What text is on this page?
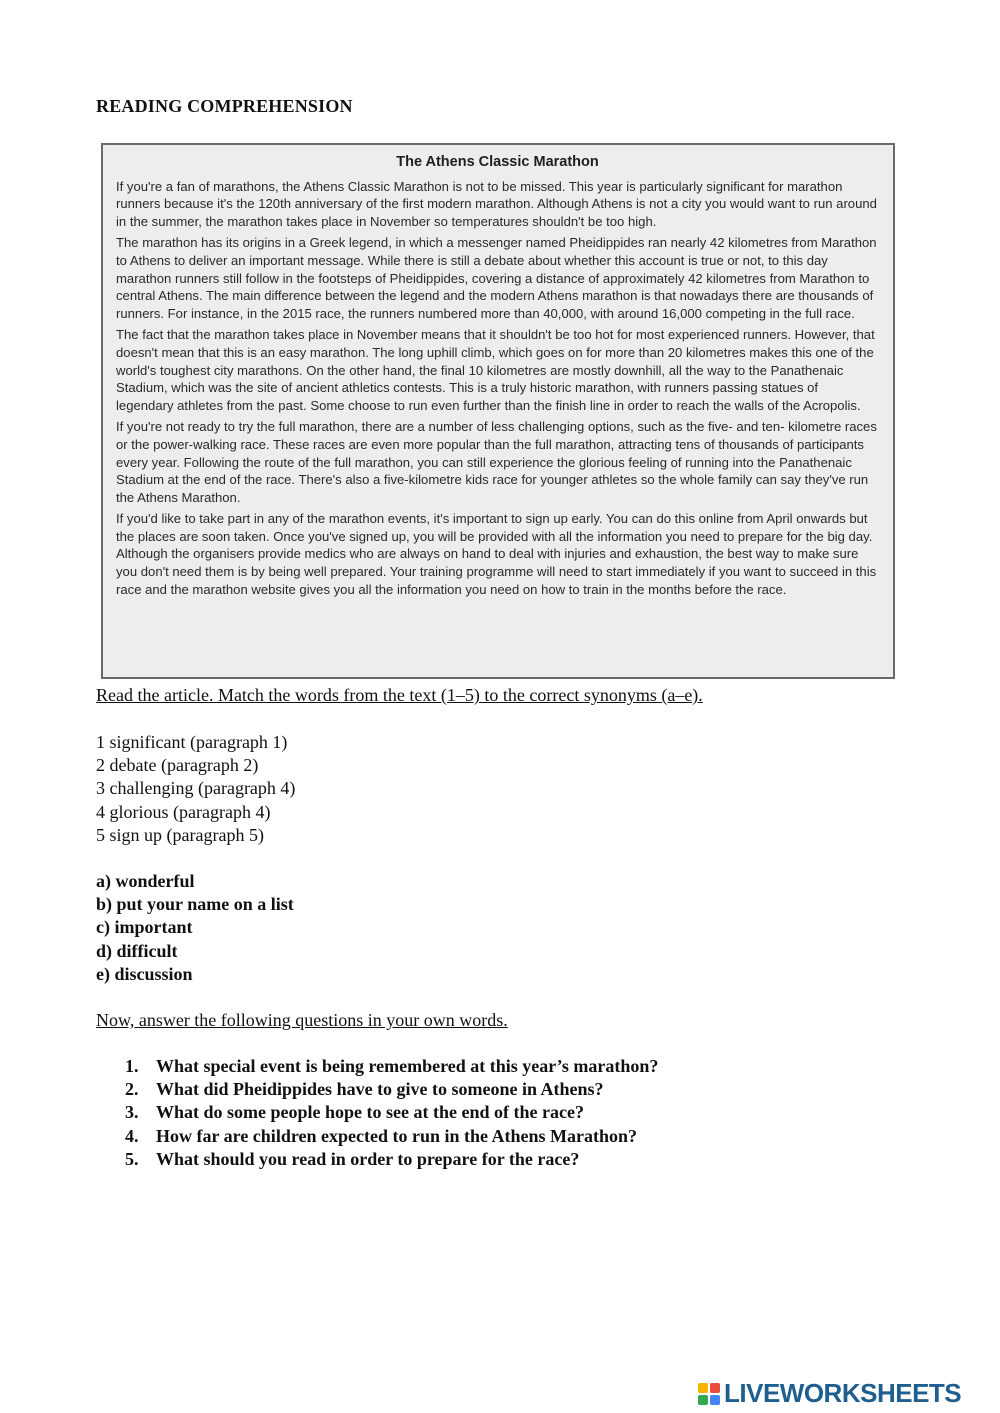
READING COMPREHENSION
The Athens Classic Marathon

If you're a fan of marathons, the Athens Classic Marathon is not to be missed. This year is particularly significant for marathon runners because it's the 120th anniversary of the first modern marathon. Although Athens is not a city you would want to run around in the summer, the marathon takes place in November so temperatures shouldn't be too high.

The marathon has its origins in a Greek legend, in which a messenger named Pheidippides ran nearly 42 kilometres from Marathon to Athens to deliver an important message. While there is still a debate about whether this account is true or not, to this day marathon runners still follow in the footsteps of Pheidippides, covering a distance of approximately 42 kilometres from Marathon to central Athens. The main difference between the legend and the modern Athens marathon is that nowadays there are thousands of runners. For instance, in the 2015 race, the runners numbered more than 40,000, with around 16,000 competing in the full race.

The fact that the marathon takes place in November means that it shouldn't be too hot for most experienced runners. However, that doesn't mean that this is an easy marathon. The long uphill climb, which goes on for more than 20 kilometres makes this one of the world's toughest city marathons. On the other hand, the final 10 kilometres are mostly downhill, all the way to the Panathenaic Stadium, which was the site of ancient athletics contests. This is a truly historic marathon, with runners passing statues of legendary athletes from the past. Some choose to run even further than the finish line in order to reach the walls of the Acropolis.

If you're not ready to try the full marathon, there are a number of less challenging options, such as the five- and ten- kilometre races or the power-walking race. These races are even more popular than the full marathon, attracting tens of thousands of participants every year. Following the route of the full marathon, you can still experience the glorious feeling of running into the Panathenaic Stadium at the end of the race. There's also a five-kilometre kids race for younger athletes so the whole family can say they've run the Athens Marathon.

If you'd like to take part in any of the marathon events, it's important to sign up early. You can do this online from April onwards but the places are soon taken. Once you've signed up, you will be provided with all the information you need to prepare for the big day. Although the organisers provide medics who are always on hand to deal with injuries and exhaustion, the best way to make sure you don't need them is by being well prepared. Your training programme will need to start immediately if you want to succeed in this race and the marathon website gives you all the information you need on how to train in the months before the race.

Read the article. Match the words from the text (1–5) to the correct synonyms (a–e).
1 significant (paragraph 1)
2 debate (paragraph 2)
3 challenging (paragraph 4)
4 glorious (paragraph 4)
5 sign up (paragraph 5)
a) wonderful
b) put your name on a list
c) important
d) difficult
e) discussion
Now, answer the following questions in your own words.
1. What special event is being remembered at this year’s marathon?
2. What did Pheidippides have to give to someone in Athens?
3. What do some people hope to see at the end of the race?
4. How far are children expected to run in the Athens Marathon?
5. What should you read in order to prepare for the race?
LIVEWORKSHEETS
